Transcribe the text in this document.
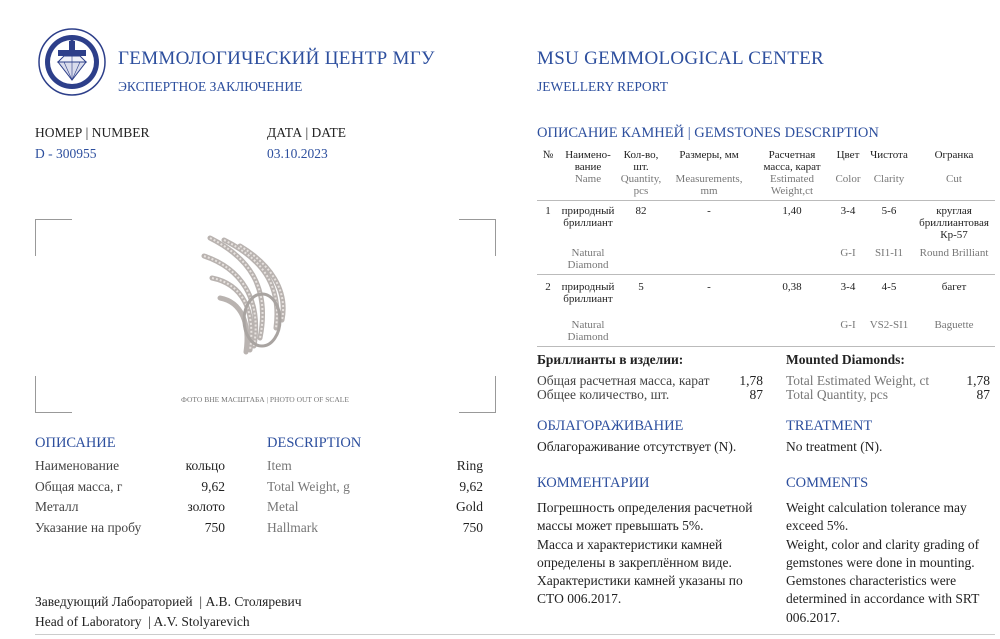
ГЕММОЛОГИЧЕСКИЙ ЦЕНТР МГУ
ЭКСПЕРТНОЕ ЗАКЛЮЧЕНИЕ
MSU GEMMOLOGICAL CENTER
JEWELLERY REPORT
НОМЕР | NUMBER
D - 300955
ДАТА | DATE
03.10.2023
ФОТО ВНЕ МАСШТАБА | PHOTO OUT OF SCALE
ОПИСАНИЕ
Наименование	кольцо
Общая масса, г	9,62
Металл	золото
Указание на пробу	750
DESCRIPTION
Item	Ring
Total Weight, g	9,62
Metal	Gold
Hallmark	750
Заведующий Лабораторией  | А.В. Столяревич
Head of Laboratory  | A.V. Stolyarevich
ОПИСАНИЕ КАМНЕЙ | GEMSTONES DESCRIPTION
№	Наимено-вание	Кол-во, шт.	Размеры, мм	Расчетная масса, карат	Цвет	Чистота	Огранка
	Name	Quantity, pcs	Measurements, mm	Estimated Weight,ct	Color	Clarity	Cut

1	природный бриллиант	82	-	1,40	3-4	5-6	круглая бриллиантовая Кр-57
	Natural Diamond				G-I	SI1-I1	Round Brilliant

2	природный бриллиант	5	-	0,38	3-4	4-5	багет
	Natural Diamond				G-I	VS2-SI1	Baguette

Бриллианты в изделии:
Общая расчетная масса, карат 1,78
Общее количество, шт.	87
Mounted Diamonds:
Total Estimated Weight, ct	1,78
Total Quantity, pcs	87
ОБЛАГОРАЖИВАНИЕ
Облагораживание отсутствует (N).
TREATMENT
No treatment (N).
КОММЕНТАРИИ
Погрешность определения расчетной
массы может превышать 5%.
Масса и характеристики камней
определены в закреплённом виде.
Характеристики камней указаны по
СТО 006.2017.
COMMENTS
Weight calculation tolerance may
exceed 5%.
Weight, color and clarity grading of
gemstones were done in mounting.
Gemstones characteristics were
determined in accordance with SRT
006.2017.
